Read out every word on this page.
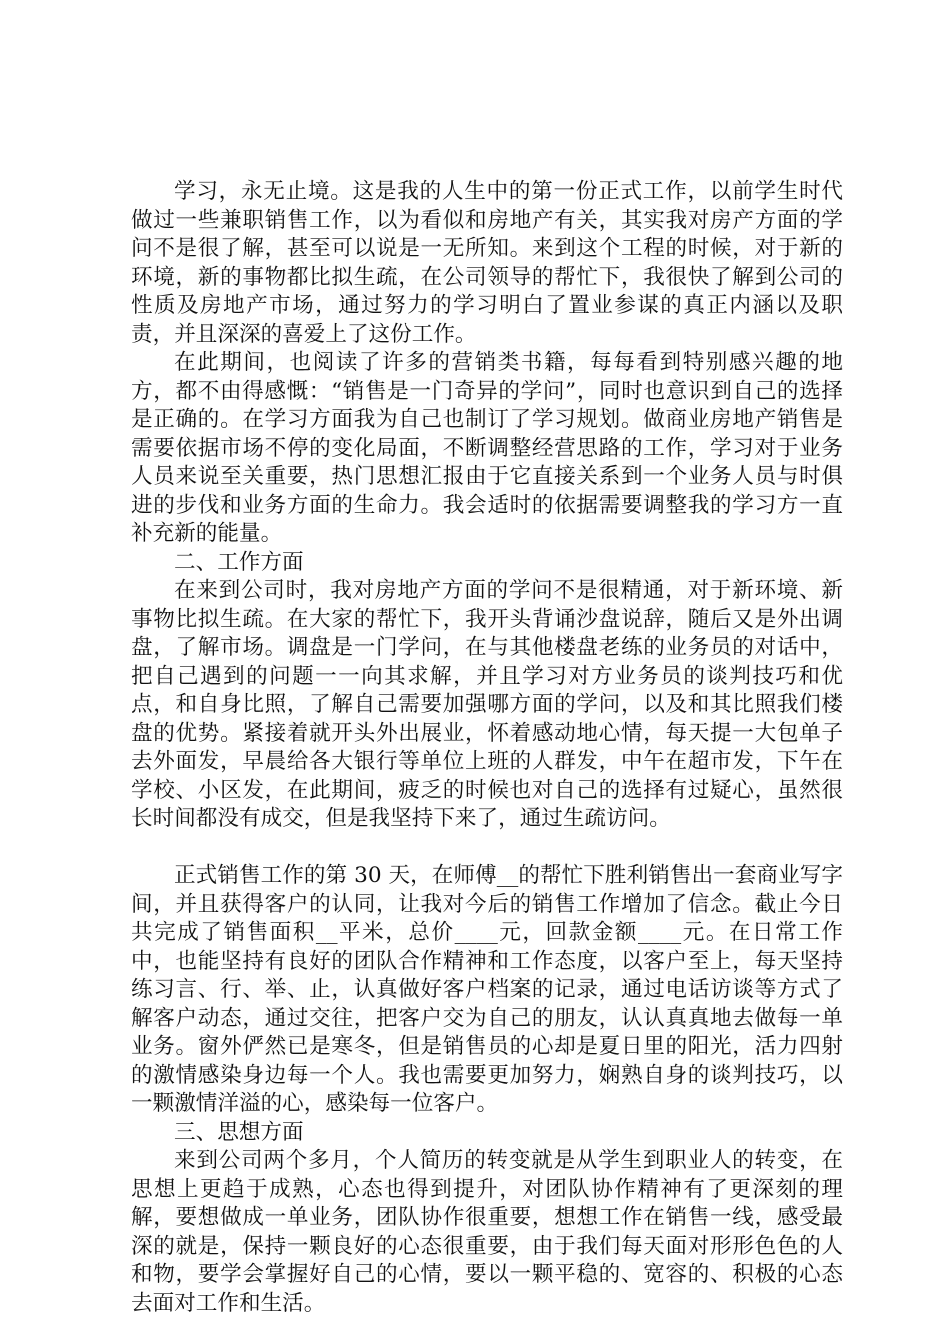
学习，永无止境。这是我的人生中的第一份正式工作，以前学生时代做过一些兼职销售工作，以为看似和房地产有关，其实我对房产方面的学问不是很了解，甚至可以说是一无所知。来到这个工程的时候，对于新的环境，新的事物都比拟生疏，在公司领导的帮忙下，我很快了解到公司的性质及房地产市场，通过努力的学习明白了置业参谋的真正内涵以及职责，并且深深的喜爱上了这份工作。

在此期间，也阅读了许多的营销类书籍，每每看到特别感兴趣的地方，都不由得感慨：“销售是一门奇异的学问”，同时也意识到自己的选择是正确的。在学习方面我为自己也制订了学习规划。做商业房地产销售是需要依据市场不停的变化局面，不断调整经营思路的工作，学习对于业务人员来说至关重要，热门思想汇报由于它直接关系到一个业务人员与时俱进的步伐和业务方面的生命力。我会适时的依据需要调整我的学习方一直补充新的能量。

二、工作方面

在来到公司时，我对房地产方面的学问不是很精通，对于新环境、新事物比拟生疏。在大家的帮忙下，我开头背诵沙盘说辞，随后又是外出调盘，了解市场。调盘是一门学问，在与其他楼盘老练的业务员的对话中，把自己遇到的问题一一向其求解，并且学习对方业务员的谈判技巧和优点，和自身比照，了解自己需要加强哪方面的学问，以及和其比照我们楼盘的优势。紧接着就开头外出展业，怀着感动地心情，每天提一大包单子去外面发，早晨给各大银行等单位上班的人群发，中午在超市发，下午在学校、小区发，在此期间，疲乏的时候也对自己的选择有过疑心，虽然很长时间都没有成交，但是我坚持下来了，通过生疏访问。

正式销售工作的第 30 天，在师傅__的帮忙下胜利销售出一套商业写字间，并且获得客户的认同，让我对今后的销售工作增加了信念。截止今日共完成了销售面积__平米，总价____元，回款金额____元。在日常工作中，也能坚持有良好的团队合作精神和工作态度，以客户至上，每天坚持练习言、行、举、止，认真做好客户档案的记录，通过电话访谈等方式了解客户动态，通过交往，把客户交为自己的朋友，认认真真地去做每一单业务。窗外俨然已是寒冬，但是销售员的心却是夏日里的阳光，活力四射的激情感染身边每一个人。我也需要更加努力，娴熟自身的谈判技巧，以一颗激情洋溢的心，感染每一位客户。

三、思想方面

来到公司两个多月，个人简历的转变就是从学生到职业人的转变，在思想上更趋于成熟，心态也得到提升，对团队协作精神有了更深刻的理解，要想做成一单业务，团队协作很重要，想想工作在销售一线，感受最深的就是，保持一颗良好的心态很重要，由于我们每天面对形形色色的人和物，要学会掌握好自己的心情，要以一颗平稳的、宽容的、积极的心态去面对工作和生活。
